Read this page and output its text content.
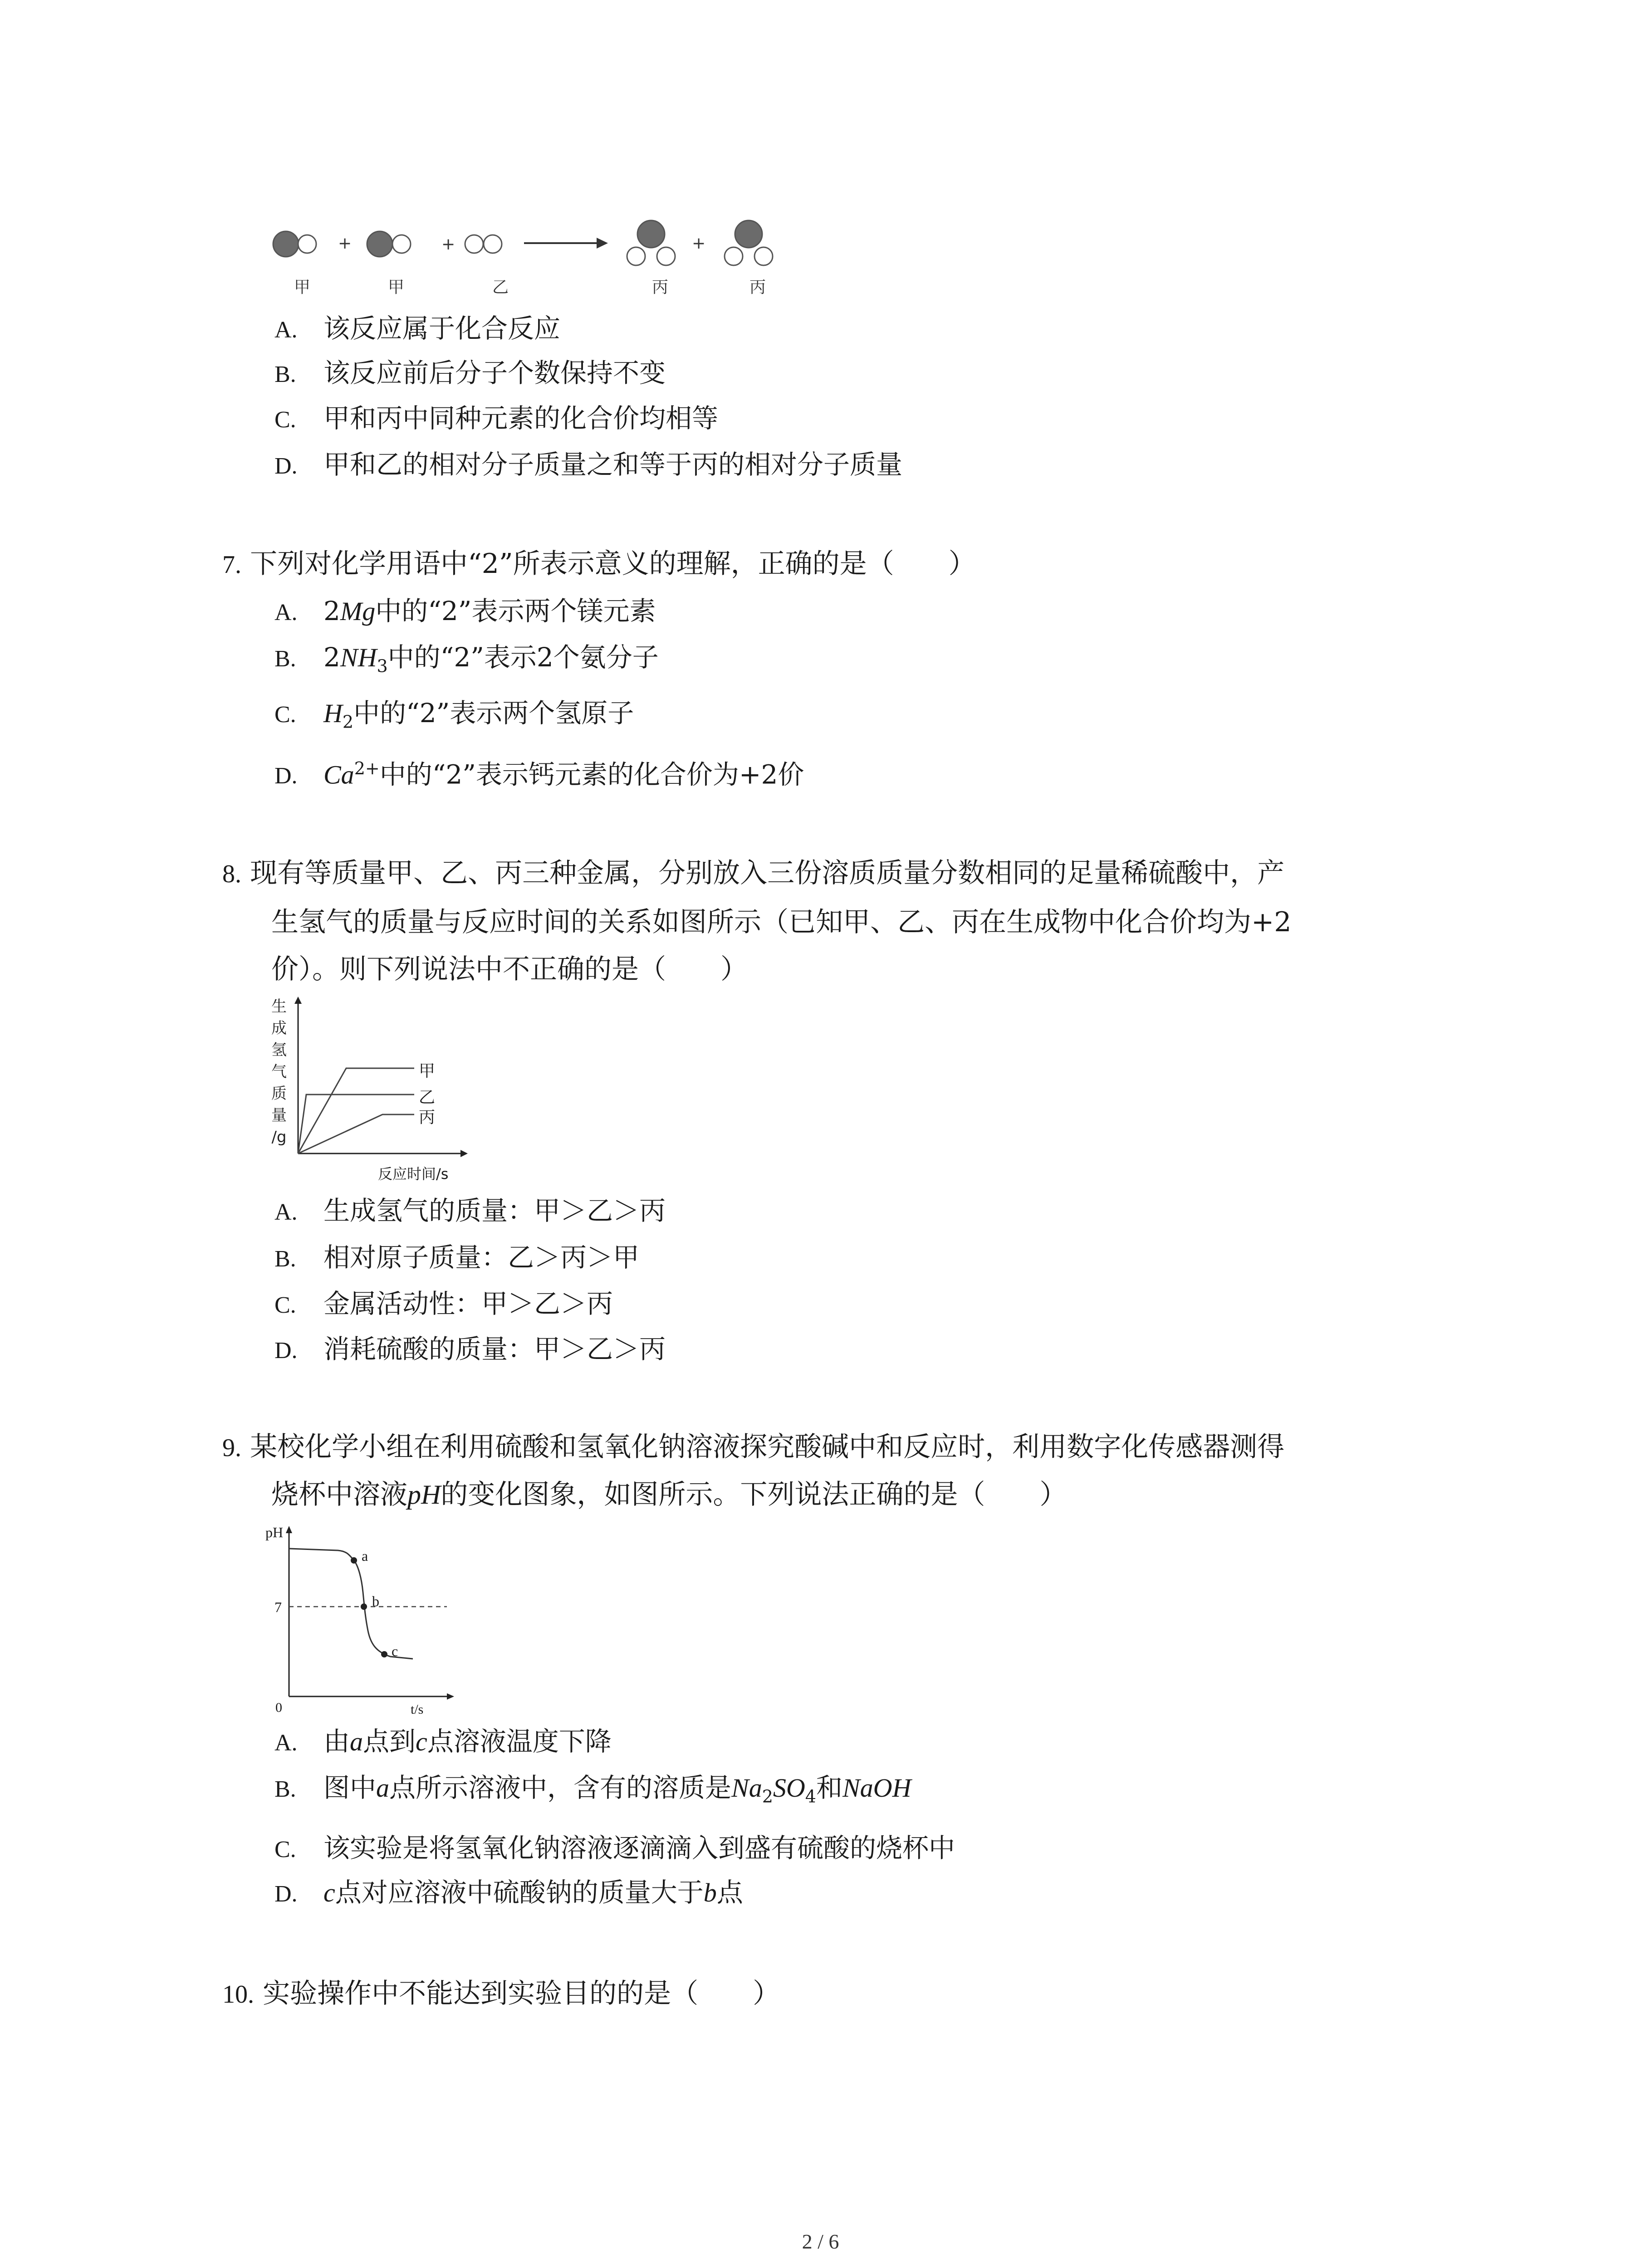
+	+	+
甲	甲	乙	丙	丙
A. 该反应属于化合反应
B. 该反应前后分子个数保持不变
C. 甲和丙中同种元素的化合价均相等
D. 甲和乙的相对分子质量之和等于丙的相对分子质量
7. 下列对化学用语中“2”所表示意义的理解，正确的是（　　）
A. 2Mg中的“2”表示两个镁元素
B. $2NH_3$中的“2”表示2个氨分子
C. $H_2$中的“2”表示两个氢原子
D. $Ca^{2+}$中的“2”表示钙元素的化合价为+2价
8. 现有等质量甲、乙、丙三种金属，分别放入三份溶质质量分数相同的足量稀硫酸中，产
生氢气的质量与反应时间的关系如图所示（已知甲、乙、丙在生成物中化合价均为+2
价）。则下列说法中不正确的是（　　）
生
成
氢
气
质
量
/g
甲
乙
丙
反应时间/s
A. 生成氢气的质量：甲＞乙＞丙
B. 相对原子质量：乙＞丙＞甲
C. 金属活动性：甲＞乙＞丙
D. 消耗硫酸的质量：甲＞乙＞丙
9. 某校化学小组在利用硫酸和氢氧化钠溶液探究酸碱中和反应时，利用数字化传感器测得
烧杯中溶液pH的变化图象，如图所示。下列说法正确的是（　　）
pH
7
0	t/s
a
b
c
A. 由a点到c点溶液温度下降
B. 图中a点所示溶液中，含有的溶质是$Na_2SO_4$和NaOH
C. 该实验是将氢氧化钠溶液逐滴滴入到盛有硫酸的烧杯中
D. c点对应溶液中硫酸钠的质量大于b点
10. 实验操作中不能达到实验目的的是（　　）
2 / 6
